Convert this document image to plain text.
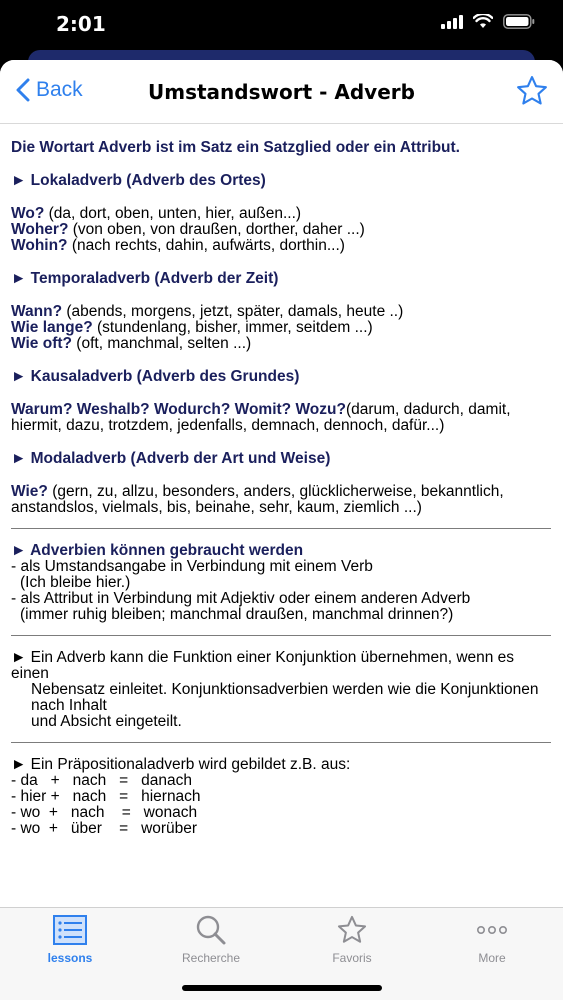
2:01
Back	Umstandswort - Adverb

Die Wortart Adverb ist im Satz ein Satzglied oder ein Attribut.

► Lokaladverb (Adverb des Ortes)

Wo? (da, dort, oben, unten, hier, außen...)

Woher? (von oben, von draußen, dorther, daher ...)

Wohin? (nach rechts, dahin, aufwärts, dorthin...)

► Temporaladverb (Adverb der Zeit)

Wann? (abends, morgens, jetzt, später, damals, heute ..)

Wie lange? (stundenlang, bisher, immer, seitdem ...)

Wie oft? (oft, manchmal, selten ...)

► Kausaladverb (Adverb des Grundes)

Warum? Weshalb? Wodurch? Womit? Wozu?(darum, dadurch, damit, hiermit, dazu, trotzdem, jedenfalls, demnach, dennoch, dafür...)

► Modaladverb (Adverb der Art und Weise)

Wie? (gern, zu, allzu, besonders, anders, glücklicherweise, bekanntlich, anstandslos, vielmals, bis, beinahe, sehr, kaum, ziemlich ...)

► Adverbien können gebraucht werden

- als Umstandsangabe in Verbindung mit einem Verb

(Ich bleibe hier.)

- als Attribut in Verbindung mit Adjektiv oder einem anderen Adverb

(immer ruhig bleiben; manchmal draußen, manchmal drinnen?)

► Ein Adverb kann die Funktion einer Konjunktion übernehmen, wenn es einen

Nebensatz einleitet. Konjunktionsadverbien werden wie die Konjunktionen nach Inhalt

und Absicht eingeteilt.

► Ein Präpositionaladverb wird gebildet z.B. aus:

- da   +   nach   =   danach

- hier +   nach   =   hiernach

- wo  +   nach    =   wonach

- wo  +   über    =   worüber

lessons	Recherche	Favoris	More
